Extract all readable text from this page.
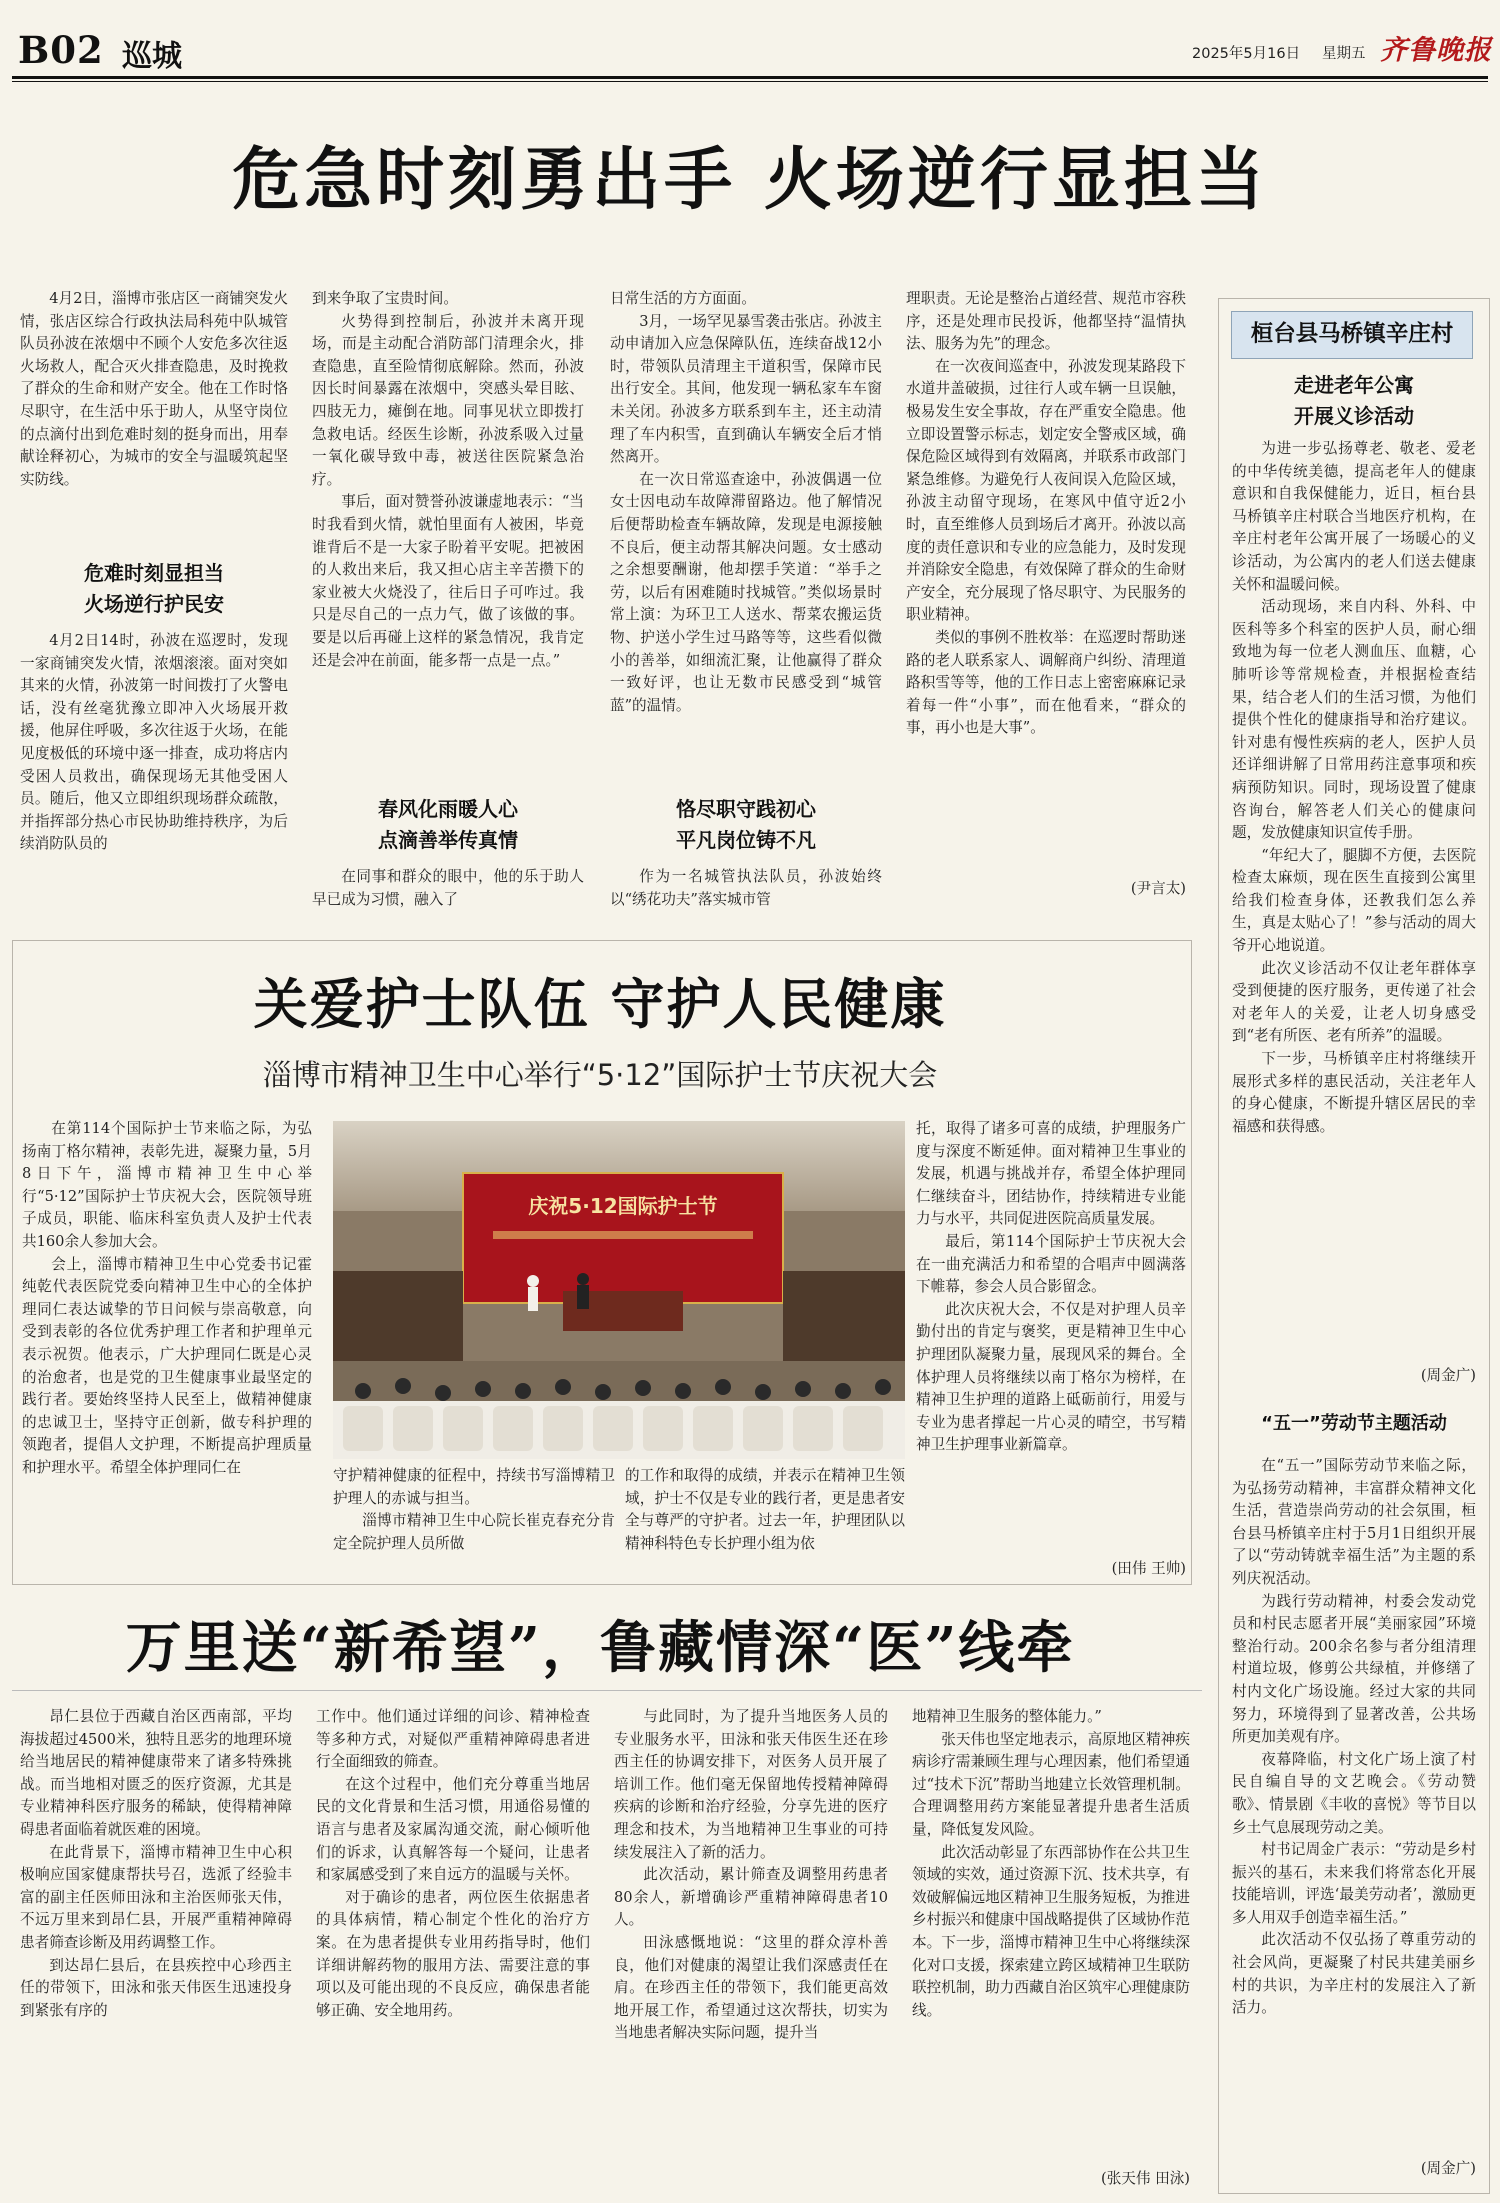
B02 巡城	2025年5月16日 星期五 齐鲁晚报
危急时刻勇出手 火场逆行显担当

4月2日，淄博市张店区一商铺突发火情，张店区综合行政执法局科苑中队城管队员孙波在浓烟中不顾个人安危多次往返火场救人，配合灭火排查隐患，及时挽救了群众的生命和财产安全。他在工作时恪尽职守，在生活中乐于助人，从坚守岗位的点滴付出到危难时刻的挺身而出，用奉献诠释初心，为城市的安全与温暖筑起坚实防线。

危难时刻显担当
火场逆行护民安

4月2日14时，孙波在巡逻时，发现一家商铺突发火情，浓烟滚滚。面对突如其来的火情，孙波第一时间拨打了火警电话，没有丝毫犹豫立即冲入火场展开救援，他屏住呼吸，多次往返于火场，在能见度极低的环境中逐一排查，成功将店内受困人员救出，确保现场无其他受困人员。随后，他又立即组织现场群众疏散，并指挥部分热心市民协助维持秩序，为后续消防队员的

到来争取了宝贵时间。

火势得到控制后，孙波并未离开现场，而是主动配合消防部门清理余火，排查隐患，直至险情彻底解除。然而，孙波因长时间暴露在浓烟中，突感头晕目眩、四肢无力，瘫倒在地。同事见状立即拨打急救电话。经医生诊断，孙波系吸入过量一氧化碳导致中毒，被送往医院紧急治疗。

事后，面对赞誉孙波谦虚地表示：“当时我看到火情，就怕里面有人被困，毕竟谁背后不是一大家子盼着平安呢。把被困的人救出来后，我又担心店主辛苦攒下的家业被大火烧没了，往后日子可咋过。我只是尽自己的一点力气，做了该做的事。要是以后再碰上这样的紧急情况，我肯定还是会冲在前面，能多帮一点是一点。”

春风化雨暖人心
点滴善举传真情

在同事和群众的眼中，他的乐于助人早已成为习惯，融入了

日常生活的方方面面。

3月，一场罕见暴雪袭击张店。孙波主动申请加入应急保障队伍，连续奋战12小时，带领队员清理主干道积雪，保障市民出行安全。其间，他发现一辆私家车车窗未关闭。孙波多方联系到车主，还主动清理了车内积雪，直到确认车辆安全后才悄然离开。

在一次日常巡查途中，孙波偶遇一位女士因电动车故障滞留路边。他了解情况后便帮助检查车辆故障，发现是电源接触不良后，便主动帮其解决问题。女士感动之余想要酬谢，他却摆手笑道：“举手之劳，以后有困难随时找城管。”类似场景时常上演：为环卫工人送水、帮菜农搬运货物、护送小学生过马路等等，这些看似微小的善举，如细流汇聚，让他赢得了群众一致好评，也让无数市民感受到“城管蓝”的温情。

恪尽职守践初心
平凡岗位铸不凡

作为一名城管执法队员，孙波始终以“绣花功夫”落实城市管

理职责。无论是整治占道经营、规范市容秩序，还是处理市民投诉，他都坚持“温情执法、服务为先”的理念。

在一次夜间巡查中，孙波发现某路段下水道井盖破损，过往行人或车辆一旦误触，极易发生安全事故，存在严重安全隐患。他立即设置警示标志，划定安全警戒区域，确保危险区域得到有效隔离，并联系市政部门紧急维修。为避免行人夜间误入危险区域，孙波主动留守现场，在寒风中值守近2小时，直至维修人员到场后才离开。孙波以高度的责任意识和专业的应急能力，及时发现并消除安全隐患，有效保障了群众的生命财产安全，充分展现了恪尽职守、为民服务的职业精神。

类似的事例不胜枚举：在巡逻时帮助迷路的老人联系家人、调解商户纠纷、清理道路积雪等等，他的工作日志上密密麻麻记录着每一件“小事”，而在他看来，“群众的事，再小也是大事”。

(尹言太)
桓台县马桥镇辛庄村
走进老年公寓
开展义诊活动

为进一步弘扬尊老、敬老、爱老的中华传统美德，提高老年人的健康意识和自我保健能力，近日，桓台县马桥镇辛庄村联合当地医疗机构，在辛庄村老年公寓开展了一场暖心的义诊活动，为公寓内的老人们送去健康关怀和温暖问候。

活动现场，来自内科、外科、中医科等多个科室的医护人员，耐心细致地为每一位老人测血压、血糖，心肺听诊等常规检查，并根据检查结果，结合老人们的生活习惯，为他们提供个性化的健康指导和治疗建议。针对患有慢性疾病的老人，医护人员还详细讲解了日常用药注意事项和疾病预防知识。同时，现场设置了健康咨询台，解答老人们关心的健康问题，发放健康知识宣传手册。

“年纪大了，腿脚不方便，去医院检查太麻烦，现在医生直接到公寓里给我们检查身体，还教我们怎么养生，真是太贴心了！”参与活动的周大爷开心地说道。

此次义诊活动不仅让老年群体享受到便捷的医疗服务，更传递了社会对老年人的关爱，让老人切身感受到“老有所医、老有所养”的温暖。

下一步，马桥镇辛庄村将继续开展形式多样的惠民活动，关注老年人的身心健康，不断提升辖区居民的幸福感和获得感。

(周金广)
“五一”劳动节主题活动

在“五一”国际劳动节来临之际，为弘扬劳动精神，丰富群众精神文化生活，营造崇尚劳动的社会氛围，桓台县马桥镇辛庄村于5月1日组织开展了以“劳动铸就幸福生活”为主题的系列庆祝活动。

为践行劳动精神，村委会发动党员和村民志愿者开展“美丽家园”环境整治行动。200余名参与者分组清理村道垃圾，修剪公共绿植，并修缮了村内文化广场设施。经过大家的共同努力，环境得到了显著改善，公共场所更加美观有序。

夜幕降临，村文化广场上演了村民自编自导的文艺晚会。《劳动赞歌》、情景剧《丰收的喜悦》等节目以乡土气息展现劳动之美。

村书记周金广表示：“劳动是乡村振兴的基石，未来我们将常态化开展技能培训，评选‘最美劳动者’，激励更多人用双手创造幸福生活。”

此次活动不仅弘扬了尊重劳动的社会风尚，更凝聚了村民共建美丽乡村的共识，为辛庄村的发展注入了新活力。

(周金广)
关爱护士队伍 守护人民健康
淄博市精神卫生中心举行“5·12”国际护士节庆祝大会

在第114个国际护士节来临之际，为弘扬南丁格尔精神，表彰先进，凝聚力量，5月8日下午，淄博市精神卫生中心举行“5·12”国际护士节庆祝大会，医院领导班子成员，职能、临床科室负责人及护士代表共160余人参加大会。

会上，淄博市精神卫生中心党委书记霍纯乾代表医院党委向精神卫生中心的全体护理同仁表达诚挚的节日问候与崇高敬意，向受到表彰的各位优秀护理工作者和护理单元表示祝贺。他表示，广大护理同仁既是心灵的治愈者，也是党的卫生健康事业最坚定的践行者。要始终坚持人民至上，做精神健康的忠诚卫士，坚持守正创新，做专科护理的领跑者，提倡人文护理，不断提高护理质量和护理水平。希望全体护理同仁在

庆祝5·12国际护士节

守护精神健康的征程中，持续书写淄博精卫护理人的赤诚与担当。

淄博市精神卫生中心院长崔克春充分肯定全院护理人员所做

的工作和取得的成绩，并表示在精神卫生领域，护士不仅是专业的践行者，更是患者安全与尊严的守护者。过去一年，护理团队以精神科特色专长护理小组为依

托，取得了诸多可喜的成绩，护理服务广度与深度不断延伸。面对精神卫生事业的发展，机遇与挑战并存，希望全体护理同仁继续奋斗，团结协作，持续精进专业能力与水平，共同促进医院高质量发展。

最后，第114个国际护士节庆祝大会在一曲充满活力和希望的合唱声中圆满落下帷幕，参会人员合影留念。

此次庆祝大会，不仅是对护理人员辛勤付出的肯定与褒奖，更是精神卫生中心护理团队凝聚力量，展现风采的舞台。全体护理人员将继续以南丁格尔为榜样，在精神卫生护理的道路上砥砺前行，用爱与专业为患者撑起一片心灵的晴空，书写精神卫生护理事业新篇章。

(田伟 王帅)
万里送“新希望”，鲁藏情深“医”线牵

昂仁县位于西藏自治区西南部，平均海拔超过4500米，独特且恶劣的地理环境给当地居民的精神健康带来了诸多特殊挑战。而当地相对匮乏的医疗资源，尤其是专业精神科医疗服务的稀缺，使得精神障碍患者面临着就医难的困境。

在此背景下，淄博市精神卫生中心积极响应国家健康帮扶号召，选派了经验丰富的副主任医师田泳和主治医师张天伟，不远万里来到昂仁县，开展严重精神障碍患者筛查诊断及用药调整工作。

到达昂仁县后，在县疾控中心珍西主任的带领下，田泳和张天伟医生迅速投身到紧张有序的

工作中。他们通过详细的问诊、精神检查等多种方式，对疑似严重精神障碍患者进行全面细致的筛查。

在这个过程中，他们充分尊重当地居民的文化背景和生活习惯，用通俗易懂的语言与患者及家属沟通交流，耐心倾听他们的诉求，认真解答每一个疑问，让患者和家属感受到了来自远方的温暖与关怀。

对于确诊的患者，两位医生依据患者的具体病情，精心制定个性化的治疗方案。在为患者提供专业用药指导时，他们详细讲解药物的服用方法、需要注意的事项以及可能出现的不良反应，确保患者能够正确、安全地用药。

与此同时，为了提升当地医务人员的专业服务水平，田泳和张天伟医生还在珍西主任的协调安排下，对医务人员开展了培训工作。他们毫无保留地传授精神障碍疾病的诊断和治疗经验，分享先进的医疗理念和技术，为当地精神卫生事业的可持续发展注入了新的活力。

此次活动，累计筛查及调整用药患者80余人，新增确诊严重精神障碍患者10人。

田泳感慨地说：“这里的群众淳朴善良，他们对健康的渴望让我们深感责任在肩。在珍西主任的带领下，我们能更高效地开展工作，希望通过这次帮扶，切实为当地患者解决实际问题，提升当

地精神卫生服务的整体能力。”

张天伟也坚定地表示，高原地区精神疾病诊疗需兼顾生理与心理因素，他们希望通过“技术下沉”帮助当地建立长效管理机制。合理调整用药方案能显著提升患者生活质量，降低复发风险。

此次活动彰显了东西部协作在公共卫生领域的实效，通过资源下沉、技术共享，有效破解偏远地区精神卫生服务短板，为推进乡村振兴和健康中国战略提供了区域协作范本。下一步，淄博市精神卫生中心将继续深化对口支援，探索建立跨区域精神卫生联防联控机制，助力西藏自治区筑牢心理健康防线。

(张天伟 田泳)
